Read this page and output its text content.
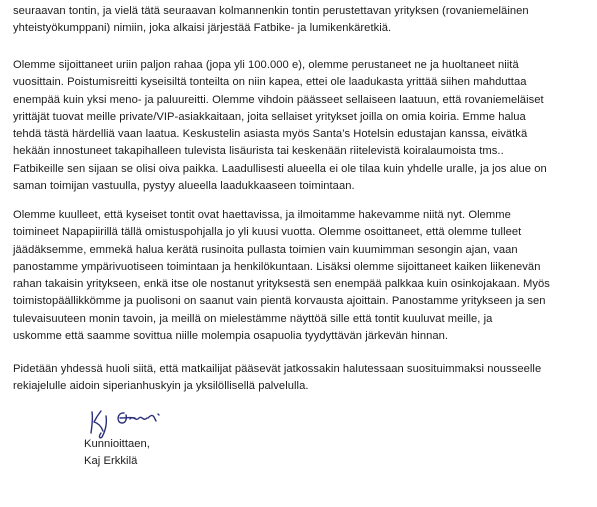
seuraavan tontin, ja vielä tätä seuraavan kolmannenkin tontin perustettavan yrityksen (rovaniemeläinen
yhteistyökumppani) nimiin, joka alkaisi järjestää Fatbike- ja lumikenkäretkiä.

Olemme sijoittaneet uriin paljon rahaa (jopa yli 100.000 e), olemme perustaneet ne ja huoltaneet niitä
vuosittain. Poistumisreitti kyseisiltä tonteilta on niin kapea, ettei ole laadukasta yrittää siihen mahduttaa
enempää kuin yksi meno- ja paluureitti. Olemme vihdoin päässeet sellaiseen laatuun, että rovaniemeläiset
yrittäjät tuovat meille private/VIP-asiakkaitaan, joita sellaiset yritykset joilla on omia koiria. Emme halua
tehdä tästä härdelliä vaan laatua. Keskustelin asiasta myös Santa’s Hotelsin edustajan kanssa, eivätkä
hekään innostuneet takapihalleen tulevista lisäurista tai keskenään riitelevistä koiralaumoista tms..
Fatbikeille sen sijaan se olisi oiva paikka. Laadullisesti alueella ei ole tilaa kuin yhdelle uralle, ja jos alue on
saman toimijan vastuulla, pystyy alueella laadukkaaseen toimintaan.

Olemme kuulleet, että kyseiset tontit ovat haettavissa, ja ilmoitamme hakevamme niitä nyt. Olemme
toimineet Napapiirillä tällä omistuspohjalla jo yli kuusi vuotta. Olemme osoittaneet, että olemme tulleet
jäädäksemme, emmekä halua kerätä rusinoita pullasta toimien vain kuumimman sesongin ajan, vaan
panostamme ympärivuotiseen toimintaan ja henkilökuntaan. Lisäksi olemme sijoittaneet kaiken liikenevän
rahan takaisin yritykseen, enkä itse ole nostanut yrityksestä sen enempää palkkaa kuin osinkojakaan. Myös
toimistopäällikkömme ja puolisoni on saanut vain pientä korvausta ajoittain. Panostamme yritykseen ja sen
tulevaisuuteen monin tavoin, ja meillä on mielestämme näyttöä sille että tontit kuuluvat meille, ja
uskomme että saamme sovittua niille molempia osapuolia tyydyttävän järkevän hinnan.

Pidetään yhdessä huoli siitä, että matkailijat pääsevät jatkossakin halutessaan suosituimmaksi nousseelle
rekiajelulle aidoin siperianhuskyin ja yksilöllisellä palvelulla.

Kunnioittaen,
Kaj Erkkilä
